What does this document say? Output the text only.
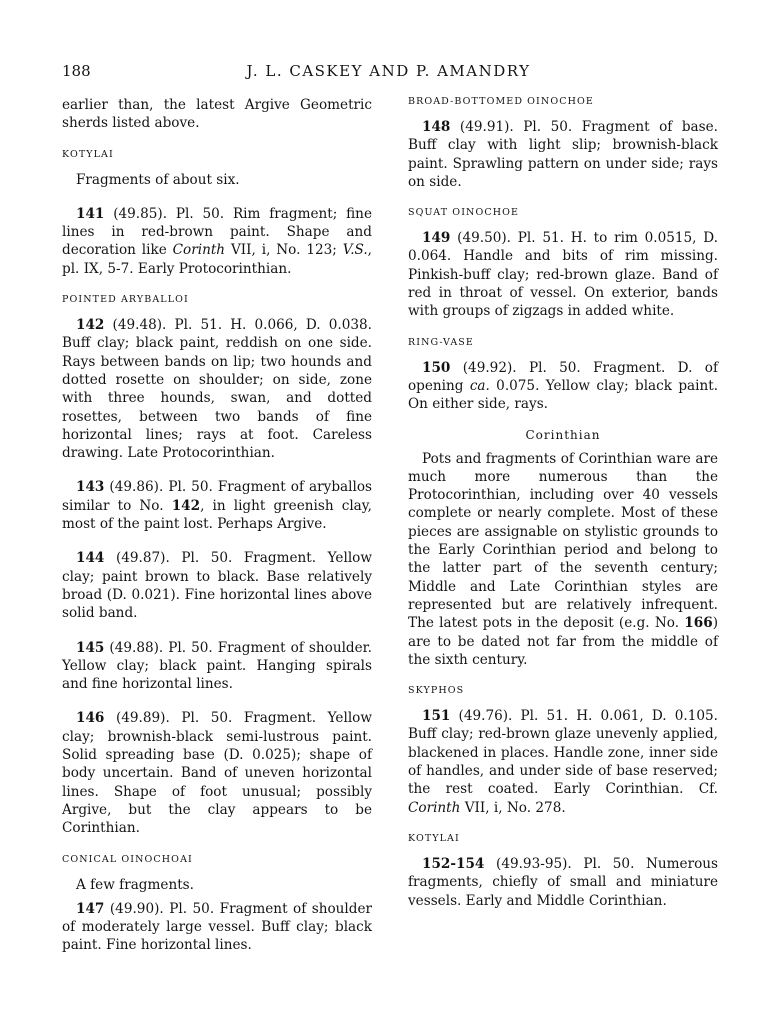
188	J. L. CASKEY AND P. AMANDRY

earlier than, the latest Argive Geometric sherds listed above.

KOTYLAI

Fragments of about six.

141 (49.85). Pl. 50. Rim fragment; fine lines in red-brown paint. Shape and decoration like Corinth VII, i, No. 123; V.S., pl. IX, 5-7. Early Protocorinthian.

POINTED ARYBALLOI

142 (49.48). Pl. 51. H. 0.066, D. 0.038. Buff clay; black paint, reddish on one side. Rays between bands on lip; two hounds and dotted rosette on shoulder; on side, zone with three hounds, swan, and dotted rosettes, between two bands of fine horizontal lines; rays at foot. Careless drawing. Late Protocorinthian.

143 (49.86). Pl. 50. Fragment of aryballos similar to No. 142, in light greenish clay, most of the paint lost. Perhaps Argive.

144 (49.87). Pl. 50. Fragment. Yellow clay; paint brown to black. Base relatively broad (D. 0.021). Fine horizontal lines above solid band.

145 (49.88). Pl. 50. Fragment of shoulder. Yellow clay; black paint. Hanging spirals and fine horizontal lines.

146 (49.89). Pl. 50. Fragment. Yellow clay; brownish-black semi-lustrous paint. Solid spreading base (D. 0.025); shape of body uncertain. Band of uneven horizontal lines. Shape of foot unusual; possibly Argive, but the clay appears to be Corinthian.

CONICAL OINOCHOAI

A few fragments.

147 (49.90). Pl. 50. Fragment of shoulder of moderately large vessel. Buff clay; black paint. Fine horizontal lines.

BROAD-BOTTOMED OINOCHOE

148 (49.91). Pl. 50. Fragment of base. Buff clay with light slip; brownish-black paint. Sprawling pattern on under side; rays on side.

SQUAT OINOCHOE

149 (49.50). Pl. 51. H. to rim 0.0515, D. 0.064. Handle and bits of rim missing. Pinkish-buff clay; red-brown glaze. Band of red in throat of vessel. On exterior, bands with groups of zigzags in added white.

RING-VASE

150 (49.92). Pl. 50. Fragment. D. of opening ca. 0.075. Yellow clay; black paint. On either side, rays.

Corinthian

Pots and fragments of Corinthian ware are much more numerous than the Protocorinthian, including over 40 vessels complete or nearly complete. Most of these pieces are assignable on stylistic grounds to the Early Corinthian period and belong to the latter part of the seventh century; Middle and Late Corinthian styles are represented but are relatively infrequent. The latest pots in the deposit (e.g. No. 166) are to be dated not far from the middle of the sixth century.

SKYPHOS

151 (49.76). Pl. 51. H. 0.061, D. 0.105. Buff clay; red-brown glaze unevenly applied, blackened in places. Handle zone, inner side of handles, and under side of base reserved; the rest coated. Early Corinthian. Cf. Corinth VII, i, No. 278.

KOTYLAI

152-154 (49.93-95). Pl. 50. Numerous fragments, chiefly of small and miniature vessels. Early and Middle Corinthian.
